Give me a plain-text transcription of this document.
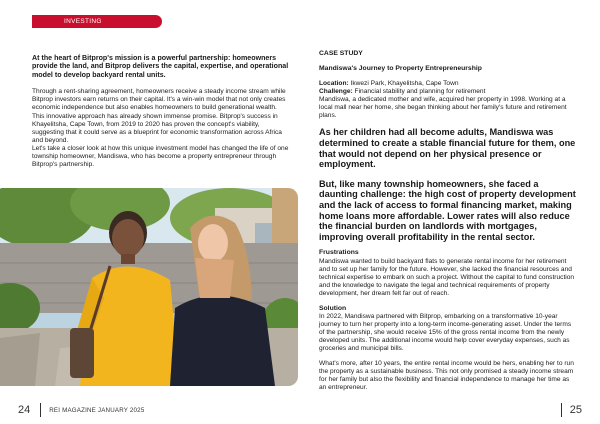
INVESTING

At the heart of Bitprop's mission is a powerful partnership: homeowners provide the land, and Bitprop delivers the capital, expertise, and operational model to develop backyard rental units.

Through a rent-sharing agreement, homeowners receive a steady income stream while Bitprop investors earn returns on their capital. It's a win-win model that not only creates economic independence but also enables homeowners to build generational wealth.

This innovative approach has already shown immense promise. Bitprop's success in Khayelitsha, Cape Town, from 2019 to 2020 has proven the concept's viability, suggesting that it could serve as a blueprint for economic transformation across Africa and beyond.

Let's take a closer look at how this unique investment model has changed the life of one township homeowner, Mandiswa, who has become a property entrepreneur through Bitprop's partnership.

CASE STUDY

Mandiswa's Journey to Property Entrepreneurship

Location: Ikwezi Park, Khayelitsha, Cape Town

Challenge: Financial stability and planning for retirement

Mandiswa, a dedicated mother and wife, acquired her property in 1998. Working at a local mall near her home, she began thinking about her family's future and retirement plans.

As her children had all become adults, Mandiswa was determined to create a stable financial future for them, one that would not depend on her physical presence or employment.

But, like many township homeowners, she faced a daunting challenge: the high cost of property development and the lack of access to formal financing market, making home loans more affordable. Lower rates will also reduce the financial burden on landlords with mortgages, improving overall profitability in the rental sector.

Frustrations

Mandiswa wanted to build backyard flats to generate rental income for her retirement and to set up her family for the future. However, she lacked the financial resources and technical expertise to embark on such a project. Without the capital to fund construction and the knowledge to navigate the legal and technical requirements of property development, her dream felt far out of reach.

Solution

In 2022, Mandiswa partnered with Bitprop, embarking on a transformative 10-year journey to turn her property into a long-term income-generating asset. Under the terms of the partnership, she would receive 15% of the gross rental income from the newly developed units. The additional income would help cover everyday expenses, such as groceries and municipal bills.

What's more, after 10 years, the entire rental income would be hers, enabling her to run the property as a sustainable business. This not only promised a steady income stream for her family but also the flexibility and financial independence to manage her time as an entrepreneur.

24	REI MAGAZINE JANUARY 2025	25
